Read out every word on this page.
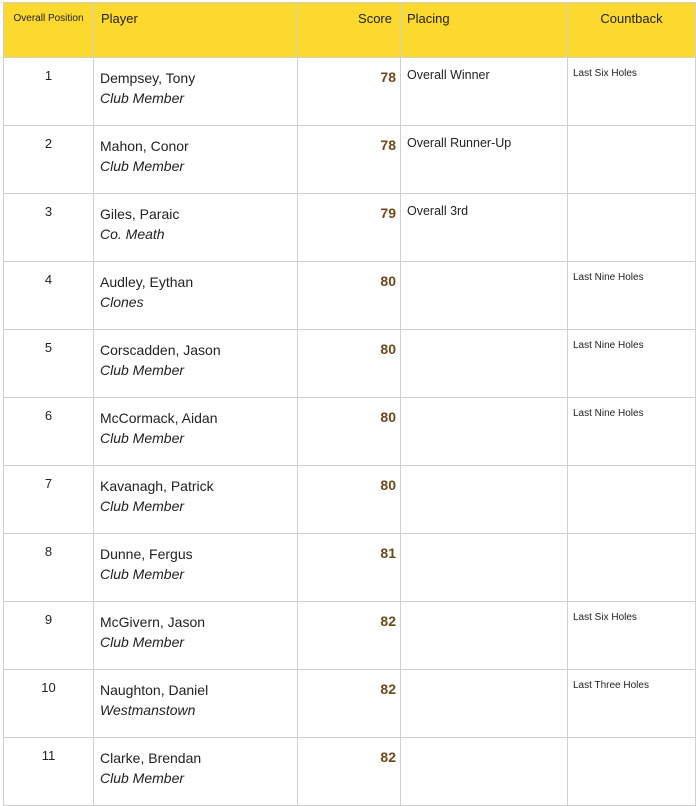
Overall Position	Player	Score	Placing	Countback
1	Dempsey, Tony
Club Member	78	Overall Winner	Last Six Holes
2	Mahon, Conor
Club Member	78	Overall Runner-Up	
3	Giles, Paraic
Co. Meath	79	Overall 3rd	
4	Audley, Eythan
Clones	80		Last Nine Holes
5	Corscadden, Jason
Club Member	80		Last Nine Holes
6	McCormack, Aidan
Club Member	80		Last Nine Holes
7	Kavanagh, Patrick
Club Member	80		
8	Dunne, Fergus
Club Member	81		
9	McGivern, Jason
Club Member	82		Last Six Holes
10	Naughton, Daniel
Westmanstown	82		Last Three Holes
11	Clarke, Brendan
Club Member	82		
